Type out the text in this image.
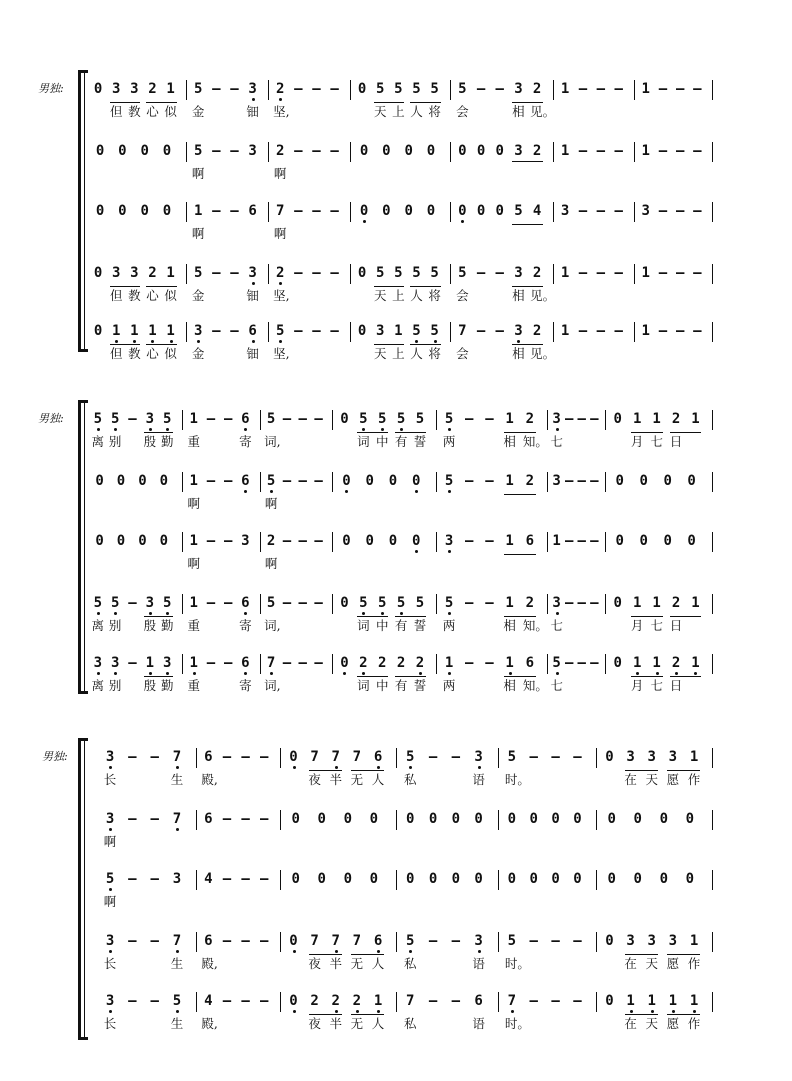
男独: 0 3 3 2 1 5 – – 3 2 – – – 0 5 5 5 5 5 – – 3 2 1 – – – 1 – – –
但 教 心 似 金	钿 坚,	天 上 人 将 会	相 见。
0 0 0 0 5 – – 3 2 – – – 0 0 0 0 0 0 0 3 2 1 – – – 1 – – –
啊	啊
0 0 0 0 1 – – 6 7 – – – 0 0 0 0 0 0 0 5 4 3 – – – 3 – – –
啊	啊
0 3 3 2 1 5 – – 3 2 – – – 0 5 5 5 5 5 – – 3 2 1 – – – 1 – – –
但 教 心 似 金	钿 坚,	天 上 人 将 会	相 见。
0 1 1 1 1 3 – – 6 5 – – – 0 3 1 5 5 7 – – 3 2 1 – – – 1 – – –
但 教 心 似 金	钿 坚,	天 上 人 将 会	相 见。
男独: 5 5 – 3 5 1 – – 6 5 – – – 0 5 5 5 5 5 – – 1 2 3 – – – 0 1 1 2 1
离 别 殷 勤 重	寄 词,	词 中 有 誓 两	相 知。 七	月 七 日
0 0 0 0 1 – – 6 5 – – – 0 0 0 0 5 – – 1 2 3 – – – 0 0 0 0
啊	啊
0 0 0 0 1 – – 3 2 – – – 0 0 0 0 3 – – 1 6 1 – – – 0 0 0 0
啊	啊
5 5 – 3 5 1 – – 6 5 – – – 0 5 5 5 5 5 – – 1 2 3 – – – 0 1 1 2 1
离 别 殷 勤 重	寄 词,	词 中 有 誓 两	相 知。 七	月 七 日
3 3 – 1 3 1 – – 6 7 – – – 0 2 2 2 2 1 – – 1 6 5 – – – 0 1 1 2 1
离 别 殷 勤 重	寄 词,	词 中 有 誓 两	相 知。 七	月 七 日
男独:	3 – – 7 6 – – – 0 7 7 7 6 5 – – 3 5 – – – 0 3 3 3 1
长	生 殿,	夜 半 无 人 私	语 时。	在 天 愿 作
3 – – 7 6 – – – 0 0 0 0 0 0 0 0 0 0 0 0 0 0 0 0
啊
5 – – 3 4 – – – 0 0 0 0 0 0 0 0 0 0 0 0 0 0 0 0
啊
3 – – 7 6 – – – 0 7 7 7 6 5 – – 3 5 – – – 0 3 3 3 1
长	生 殿,	夜 半 无 人 私	语 时。	在 天 愿 作
3 – – 5 4 – – – 0 2 2 2 1 7 – – 6 7 – – – 0 1 1 1 1
长	生 殿,	夜 半 无 人 私	语 时。	在 天 愿 作
